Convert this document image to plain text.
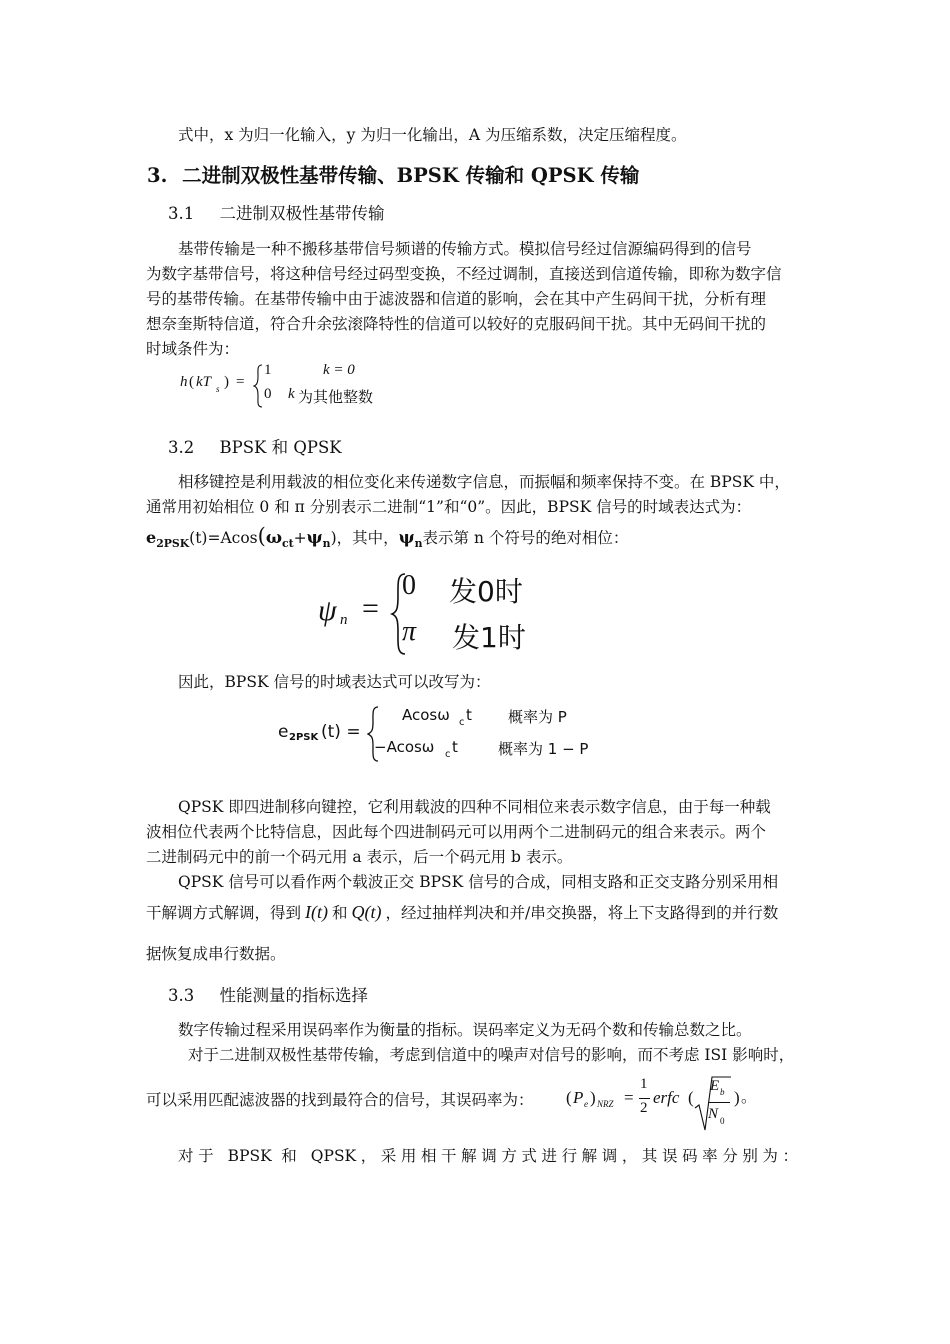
式中，x 为归一化输入，y 为归一化输出，A 为压缩系数，决定压缩程度。
3. 二进制双极性基带传输、BPSK 传输和 QPSK 传输
3.1 二进制双极性基带传输
基带传输是一种不搬移基带信号频谱的传输方式。模拟信号经过信源编码得到的信号
为数字基带信号，将这种信号经过码型变换，不经过调制，直接送到信道传输，即称为数字信
号的基带传输。在基带传输中由于滤波器和信道的影响，会在其中产生码间干扰，分析有理
想奈奎斯特信道，符合升余弦滚降特性的信道可以较好的克服码间干扰。其中无码间干扰的
时域条件为：
h ( kT s ) =
1	k = 0
0 k 为其他整数
3.2 BPSK 和 QPSK
相移键控是利用载波的相位变化来传递数字信息，而振幅和频率保持不变。在 BPSK 中，
通常用初始相位 0 和 π 分别表示二进制“1”和“0”。因此，BPSK 信号的时域表达式为：
$e_{2PSK}(t)=Acos(\omega_{ct}+\psi_n)$，其中，$\psi_n$表示第 n 个符号的绝对相位：
ψ n =
0 发0时
π 发1时
因此，BPSK 信号的时域表达式可以改写为：
e 2PSK (t) =
Acosω c t 概率为 P
−Acosω c t	概率为 1 − P
QPSK 即四进制移向键控，它利用载波的四种不同相位来表示数字信息，由于每一种载
波相位代表两个比特信息，因此每个四进制码元可以用两个二进制码元的组合来表示。两个
二进制码元中的前一个码元用 a 表示，后一个码元用 b 表示。
QPSK 信号可以看作两个载波正交 BPSK 信号的合成，同相支路和正交支路分别采用相
干解调方式解调，得到 I(t) 和 Q(t) ，经过抽样判决和并/串交换器，将上下支路得到的并行数
据恢复成串行数据。
3.3 性能测量的指标选择
数字传输过程采用误码率作为衡量的指标。误码率定义为无码个数和传输总数之比。
对于二进制双极性基带传输，考虑到信道中的噪声对信号的影响，而不考虑 ISI 影响时，
可以采用匹配滤波器的找到最符合的信号，其误码率为： ( P e ) NRZ =
1
2
erfc (
E b
N 0
) 。
对于 BPSK 和 QPSK，采用相干解调方式进行解调，其误码率分别为：
